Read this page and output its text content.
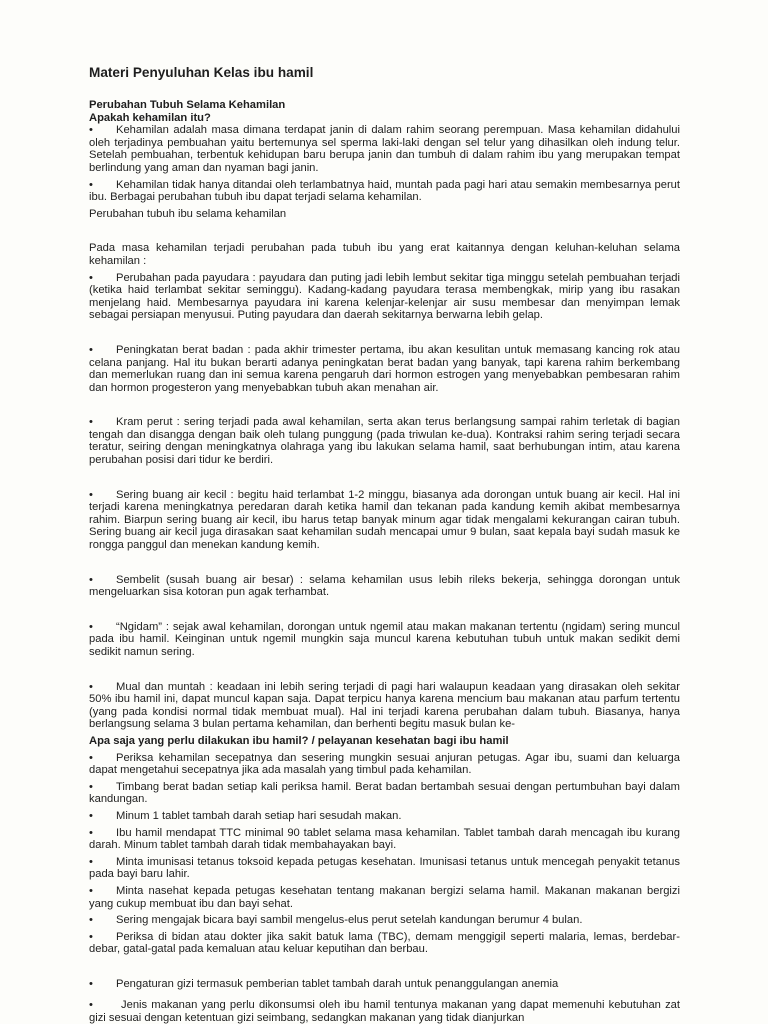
Materi Penyuluhan Kelas ibu hamil
Perubahan Tubuh Selama Kehamilan
Apakah kehamilan itu?
• Kehamilan adalah masa dimana terdapat janin di dalam rahim seorang perempuan. Masa kehamilan didahului oleh terjadinya pembuahan yaitu bertemunya sel sperma laki-laki dengan sel telur yang dihasilkan oleh indung telur. Setelah pembuahan, terbentuk kehidupan baru berupa janin dan tumbuh di dalam rahim ibu yang merupakan tempat berlindung yang aman dan nyaman bagi janin.
• Kehamilan tidak hanya ditandai oleh terlambatnya haid, muntah pada pagi hari atau semakin membesarnya perut ibu. Berbagai perubahan tubuh ibu dapat terjadi selama kehamilan.
Perubahan tubuh ibu selama kehamilan
Pada masa kehamilan terjadi perubahan pada tubuh ibu yang erat kaitannya dengan keluhan-keluhan selama kehamilan :
• Perubahan pada payudara : payudara dan puting jadi lebih lembut sekitar tiga minggu setelah pembuahan terjadi (ketika haid terlambat sekitar seminggu). Kadang-kadang payudara terasa membengkak, mirip yang ibu rasakan menjelang haid. Membesarnya payudara ini karena kelenjar-kelenjar air susu membesar dan menyimpan lemak sebagai persiapan menyusui. Puting payudara dan daerah sekitarnya berwarna lebih gelap.
• Peningkatan berat badan : pada akhir trimester pertama, ibu akan kesulitan untuk memasang kancing rok atau celana panjang. Hal itu bukan berarti adanya peningkatan berat badan yang banyak, tapi karena rahim berkembang dan memerlukan ruang dan ini semua karena pengaruh dari hormon estrogen yang menyebabkan pembesaran rahim dan hormon progesteron yang menyebabkan tubuh akan menahan air.
• Kram perut : sering terjadi pada awal kehamilan, serta akan terus berlangsung sampai rahim terletak di bagian tengah dan disangga dengan baik oleh tulang punggung (pada triwulan ke-dua). Kontraksi rahim sering terjadi secara teratur, seiring dengan meningkatnya olahraga yang ibu lakukan selama hamil, saat berhubungan intim, atau karena perubahan posisi dari tidur ke berdiri.
• Sering buang air kecil : begitu haid terlambat 1-2 minggu, biasanya ada dorongan untuk buang air kecil. Hal ini terjadi karena meningkatnya peredaran darah ketika hamil dan tekanan pada kandung kemih akibat membesarnya rahim. Biarpun sering buang air kecil, ibu harus tetap banyak minum agar tidak mengalami kekurangan cairan tubuh. Sering buang air kecil juga dirasakan saat kehamilan sudah mencapai umur 9 bulan, saat kepala bayi sudah masuk ke rongga panggul dan menekan kandung kemih.
• Sembelit (susah buang air besar) : selama kehamilan usus lebih rileks bekerja, sehingga dorongan untuk mengeluarkan sisa kotoran pun agak terhambat.
• “Ngidam” : sejak awal kehamilan, dorongan untuk ngemil atau makan makanan tertentu (ngidam) sering muncul pada ibu hamil. Keinginan untuk ngemil mungkin saja muncul karena kebutuhan tubuh untuk makan sedikit demi sedikit namun sering.
• Mual dan muntah : keadaan ini lebih sering terjadi di pagi hari walaupun keadaan yang dirasakan oleh sekitar 50% ibu hamil ini, dapat muncul kapan saja. Dapat terpicu hanya karena mencium bau makanan atau parfum tertentu (yang pada kondisi normal tidak membuat mual). Hal ini terjadi karena perubahan dalam tubuh. Biasanya, hanya berlangsung selama 3 bulan pertama kehamilan, dan berhenti begitu masuk bulan ke-
Apa saja yang perlu dilakukan ibu hamil? / pelayanan kesehatan bagi ibu hamil
• Periksa kehamilan secepatnya dan sesering mungkin sesuai anjuran petugas. Agar ibu, suami dan keluarga dapat mengetahui secepatnya jika ada masalah yang timbul pada kehamilan.
• Timbang berat badan setiap kali periksa hamil. Berat badan bertambah sesuai dengan pertumbuhan bayi dalam kandungan.
• Minum 1 tablet tambah darah setiap hari sesudah makan.
• Ibu hamil mendapat TTC minimal 90 tablet selama masa kehamilan. Tablet tambah darah mencagah ibu kurang darah. Minum tablet tambah darah tidak membahayakan bayi.
• Minta imunisasi tetanus toksoid kepada petugas kesehatan. Imunisasi tetanus untuk mencegah penyakit tetanus pada bayi baru lahir.
• Minta nasehat kepada petugas kesehatan tentang makanan bergizi selama hamil. Makanan makanan bergizi yang cukup membuat ibu dan bayi sehat.
• Sering mengajak bicara bayi sambil mengelus-elus perut setelah kandungan berumur 4 bulan.
• Periksa di bidan atau dokter jika sakit batuk lama (TBC), demam menggigil seperti malaria, lemas, berdebar-debar, gatal-gatal pada kemaluan atau keluar keputihan dan berbau.
• Pengaturan gizi termasuk pemberian tablet tambah darah untuk penanggulangan anemia
•	Jenis makanan yang perlu dikonsumsi oleh ibu hamil tentunya makanan yang dapat memenuhi kebutuhan zat gizi sesuai dengan ketentuan gizi seimbang, sedangkan makanan yang tidak dianjurkan
